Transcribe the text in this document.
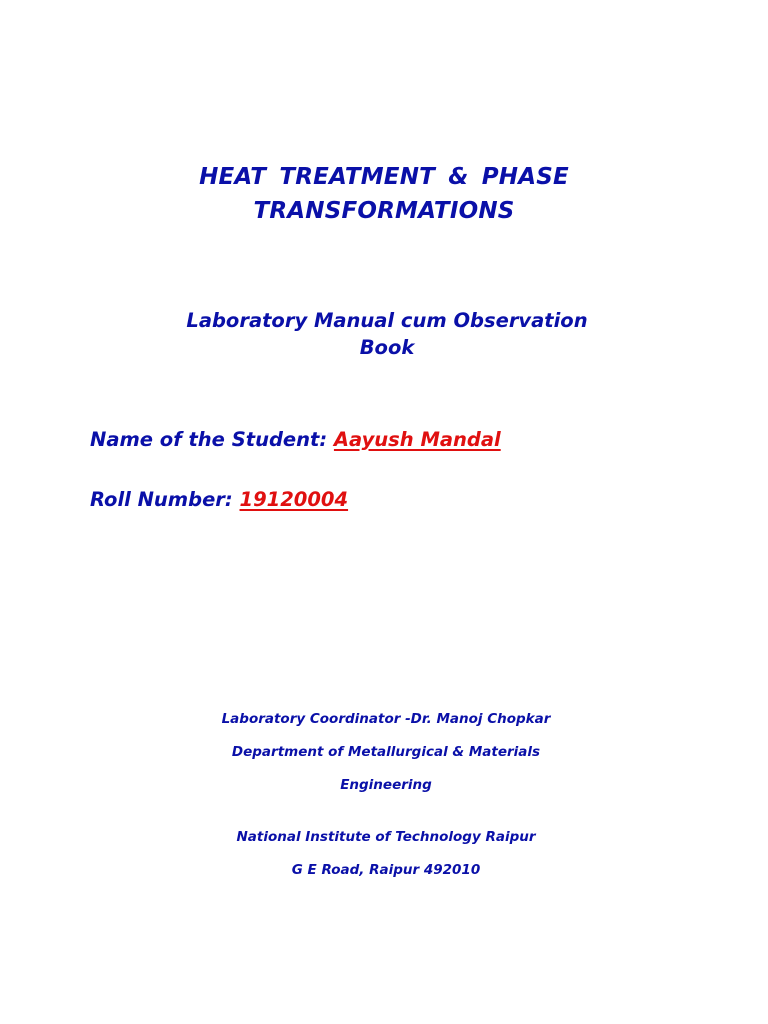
HEAT TREATMENT & PHASE
TRANSFORMATIONS
Laboratory Manual cum Observation
Book
Name of the Student: Aayush Mandal
Roll Number: 19120004
Laboratory Coordinator -Dr. Manoj Chopkar
Department of Metallurgical & Materials
Engineering
National Institute of Technology Raipur
G E Road, Raipur 492010
